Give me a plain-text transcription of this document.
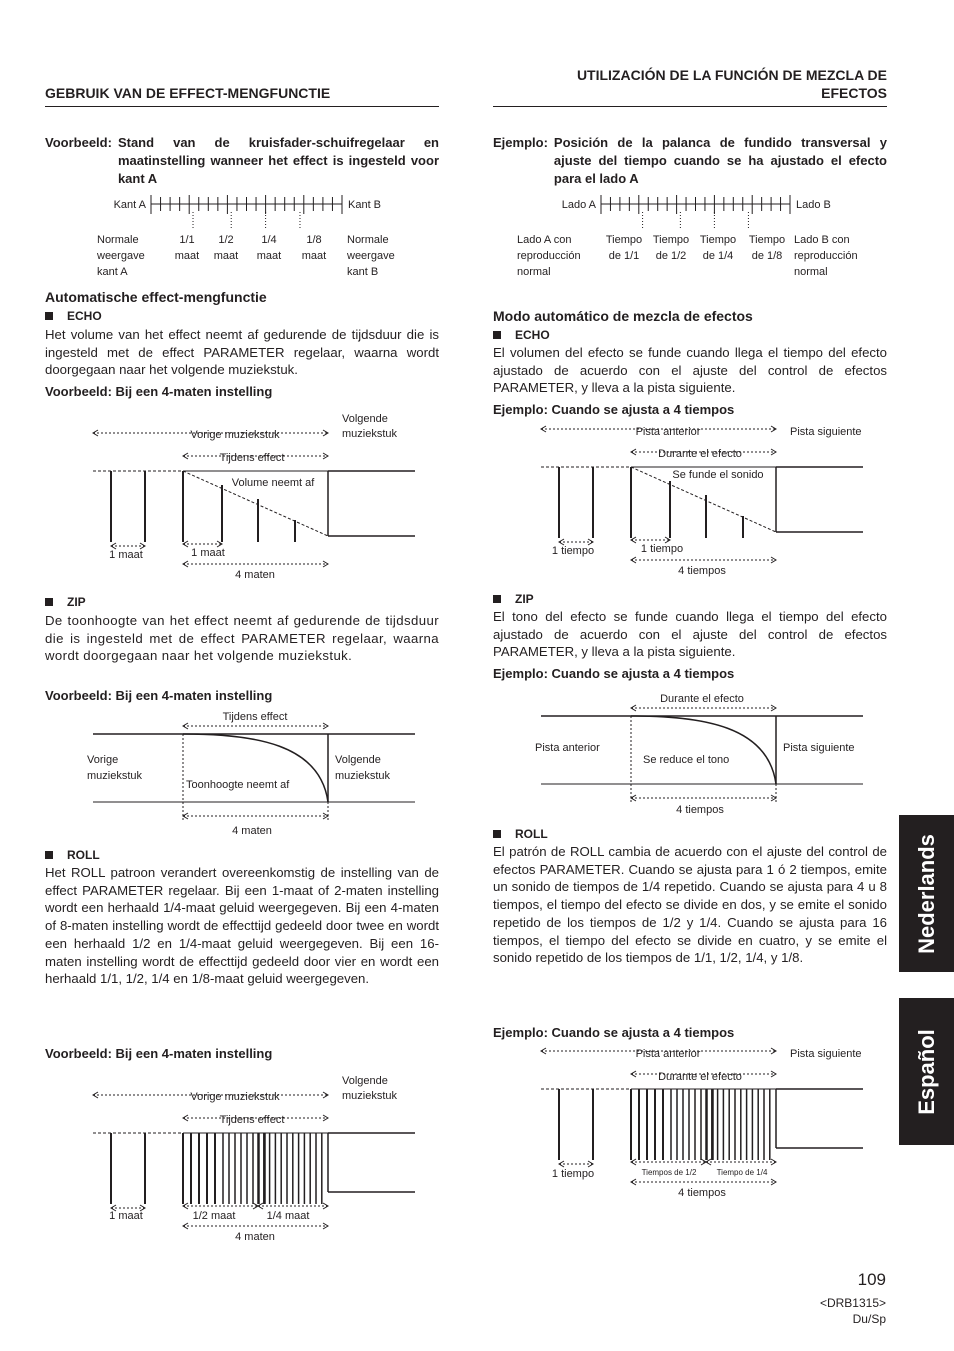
GEBRUIK VAN DE EFFECT-MENGFUNCTIE
Voorbeeld: Stand van de kruisfader-schuifregelaar en maatinstelling wanneer het effect is ingesteld voor kant A
Kant A	Kant B
Normale
weergave
kant A
1/1
maat
1/2
maat
1/4
maat
1/8
maat
Normale
weergave
kant B
Automatische effect-mengfunctie
ECHO

Het volume van het effect neemt af gedurende de tijdsduur die is ingesteld met de effect PARAMETER regelaar, waarna wordt doorgegaan naar het volgende muziekstuk.

Voorbeeld: Bij een 4-maten instelling
Vorige muziekstuk
Volgende
muziekstuk
Tijdens effect
Volume neemt af
1 maat	1 maat
4 maten
ZIP

De toonhoogte van het effect neemt af gedurende de tijdsduur die is ingesteld met de effect PARAMETER regelaar, waarna wordt doorgegaan naar het volgende muziekstuk.

Voorbeeld: Bij een 4-maten instelling
Tijdens effect
Vorige
muziekstuk
Volgende
muziekstuk
Toonhoogte neemt af
4 maten
ROLL

Het ROLL patroon verandert overeenkomstig de instelling van de effect PARAMETER regelaar. Bij een 1-maat of 2-maten instelling wordt een herhaald 1/4-maat geluid weergegeven. Bij een 4-maten of 8-maten instelling wordt de effecttijd gedeeld door twee en wordt een herhaald 1/2 en 1/4-maat geluid weergegeven. Bij een 16-maten instelling wordt de effecttijd gedeeld door vier en wordt een herhaald 1/1, 1/2, 1/4 en 1/8-maat geluid weergegeven.

Voorbeeld: Bij een 4-maten instelling
Vorige muziekstuk
Volgende
muziekstuk
Tijdens effect
1 maat	1/2 maat	1/4 maat
4 maten
UTILIZACIÓN DE LA FUNCIÓN DE MEZCLA DE
EFECTOS
Ejemplo: Posición de la palanca de fundido transversal y ajuste del tiempo cuando se ha ajustado el efecto para el lado A
Lado A	Lado B
Lado A con
reproducción
normal
Tiempo
de 1/1
Tiempo
de 1/2
Tiempo
de 1/4
Tiempo
de 1/8
Lado B con
reproducción
normal
Modo automático de mezcla de efectos
ECHO

El volumen del efecto se funde cuando llega el tiempo del efecto ajustado de acuerdo con el ajuste del control de efectos PARAMETER, y lleva a la pista siguiente.

Ejemplo: Cuando se ajusta a 4 tiempos
Pista anterior	Pista siguiente
Durante el efecto
Se funde el sonido
1 tiempo	1 tiempo
4 tiempos
ZIP

El tono del efecto se funde cuando llega el tiempo del efecto ajustado de acuerdo con el ajuste del control de efectos PARAMETER, y lleva a la pista siguiente.

Ejemplo: Cuando se ajusta a 4 tiempos
Durante el efecto
Pista anterior	Pista siguiente
Se reduce el tono
4 tiempos
ROLL

El patrón de ROLL cambia de acuerdo con el ajuste del control de efectos PARAMETER. Cuando se ajusta para 1 ó 2 tiempos, emite un sonido de tiempos de 1/4 repetido. Cuando se ajusta para 4 u 8 tiempos, el tiempo del efecto se divide en dos, y se emite el sonido repetido de los tiempos de 1/2 y 1/4. Cuando se ajusta para 16 tiempos, el tiempo del efecto se divide en cuatro, y se emite el sonido repetido de los tiempos de 1/1, 1/2, 1/4, y 1/8.

Ejemplo: Cuando se ajusta a 4 tiempos
Pista anterior	Pista siguiente
Durante el efecto
1 tiempo	Tiempos de 1/2	Tiempo de 1/4
4 tiempos
Nederlands
Español
109
<DRB1315>
Du/Sp
